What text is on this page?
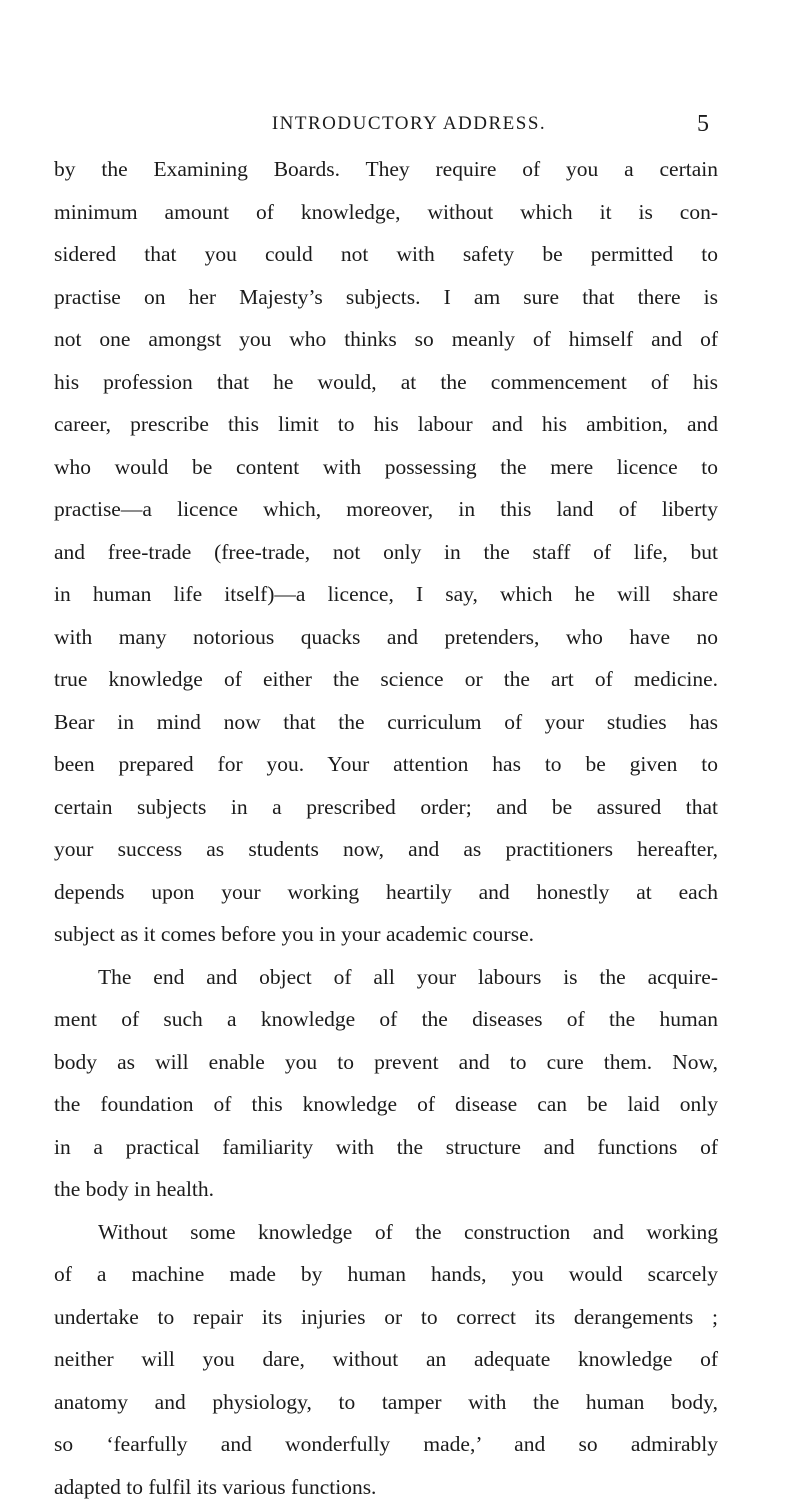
INTRODUCTORY ADDRESS.	5
by the Examining Boards. They require of you a certain
minimum amount of knowledge, without which it is con-
sidered that you could not with safety be permitted to
practise on her Majesty’s subjects. I am sure that there is
not one amongst you who thinks so meanly of himself and of
his profession that he would, at the commencement of his
career, prescribe this limit to his labour and his ambition, and
who would be content with possessing the mere licence to
practise—a licence which, moreover, in this land of liberty
and free-trade (free-trade, not only in the staff of life, but
in human life itself)—a licence, I say, which he will share
with many notorious quacks and pretenders, who have no
true knowledge of either the science or the art of medicine.
Bear in mind now that the curriculum of your studies has
been prepared for you. Your attention has to be given to
certain subjects in a prescribed order; and be assured that
your success as students now, and as practitioners hereafter,
depends upon your working heartily and honestly at each
subject as it comes before you in your academic course.
The end and object of all your labours is the acquire-
ment of such a knowledge of the diseases of the human
body as will enable you to prevent and to cure them. Now,
the foundation of this knowledge of disease can be laid only
in a practical familiarity with the structure and functions of
the body in health.
Without some knowledge of the construction and working
of a machine made by human hands, you would scarcely
undertake to repair its injuries or to correct its derangements ;
neither will you dare, without an adequate knowledge of
anatomy and physiology, to tamper with the human body,
so ‘fearfully and wonderfully made,’ and so admirably
adapted to fulfil its various functions.
